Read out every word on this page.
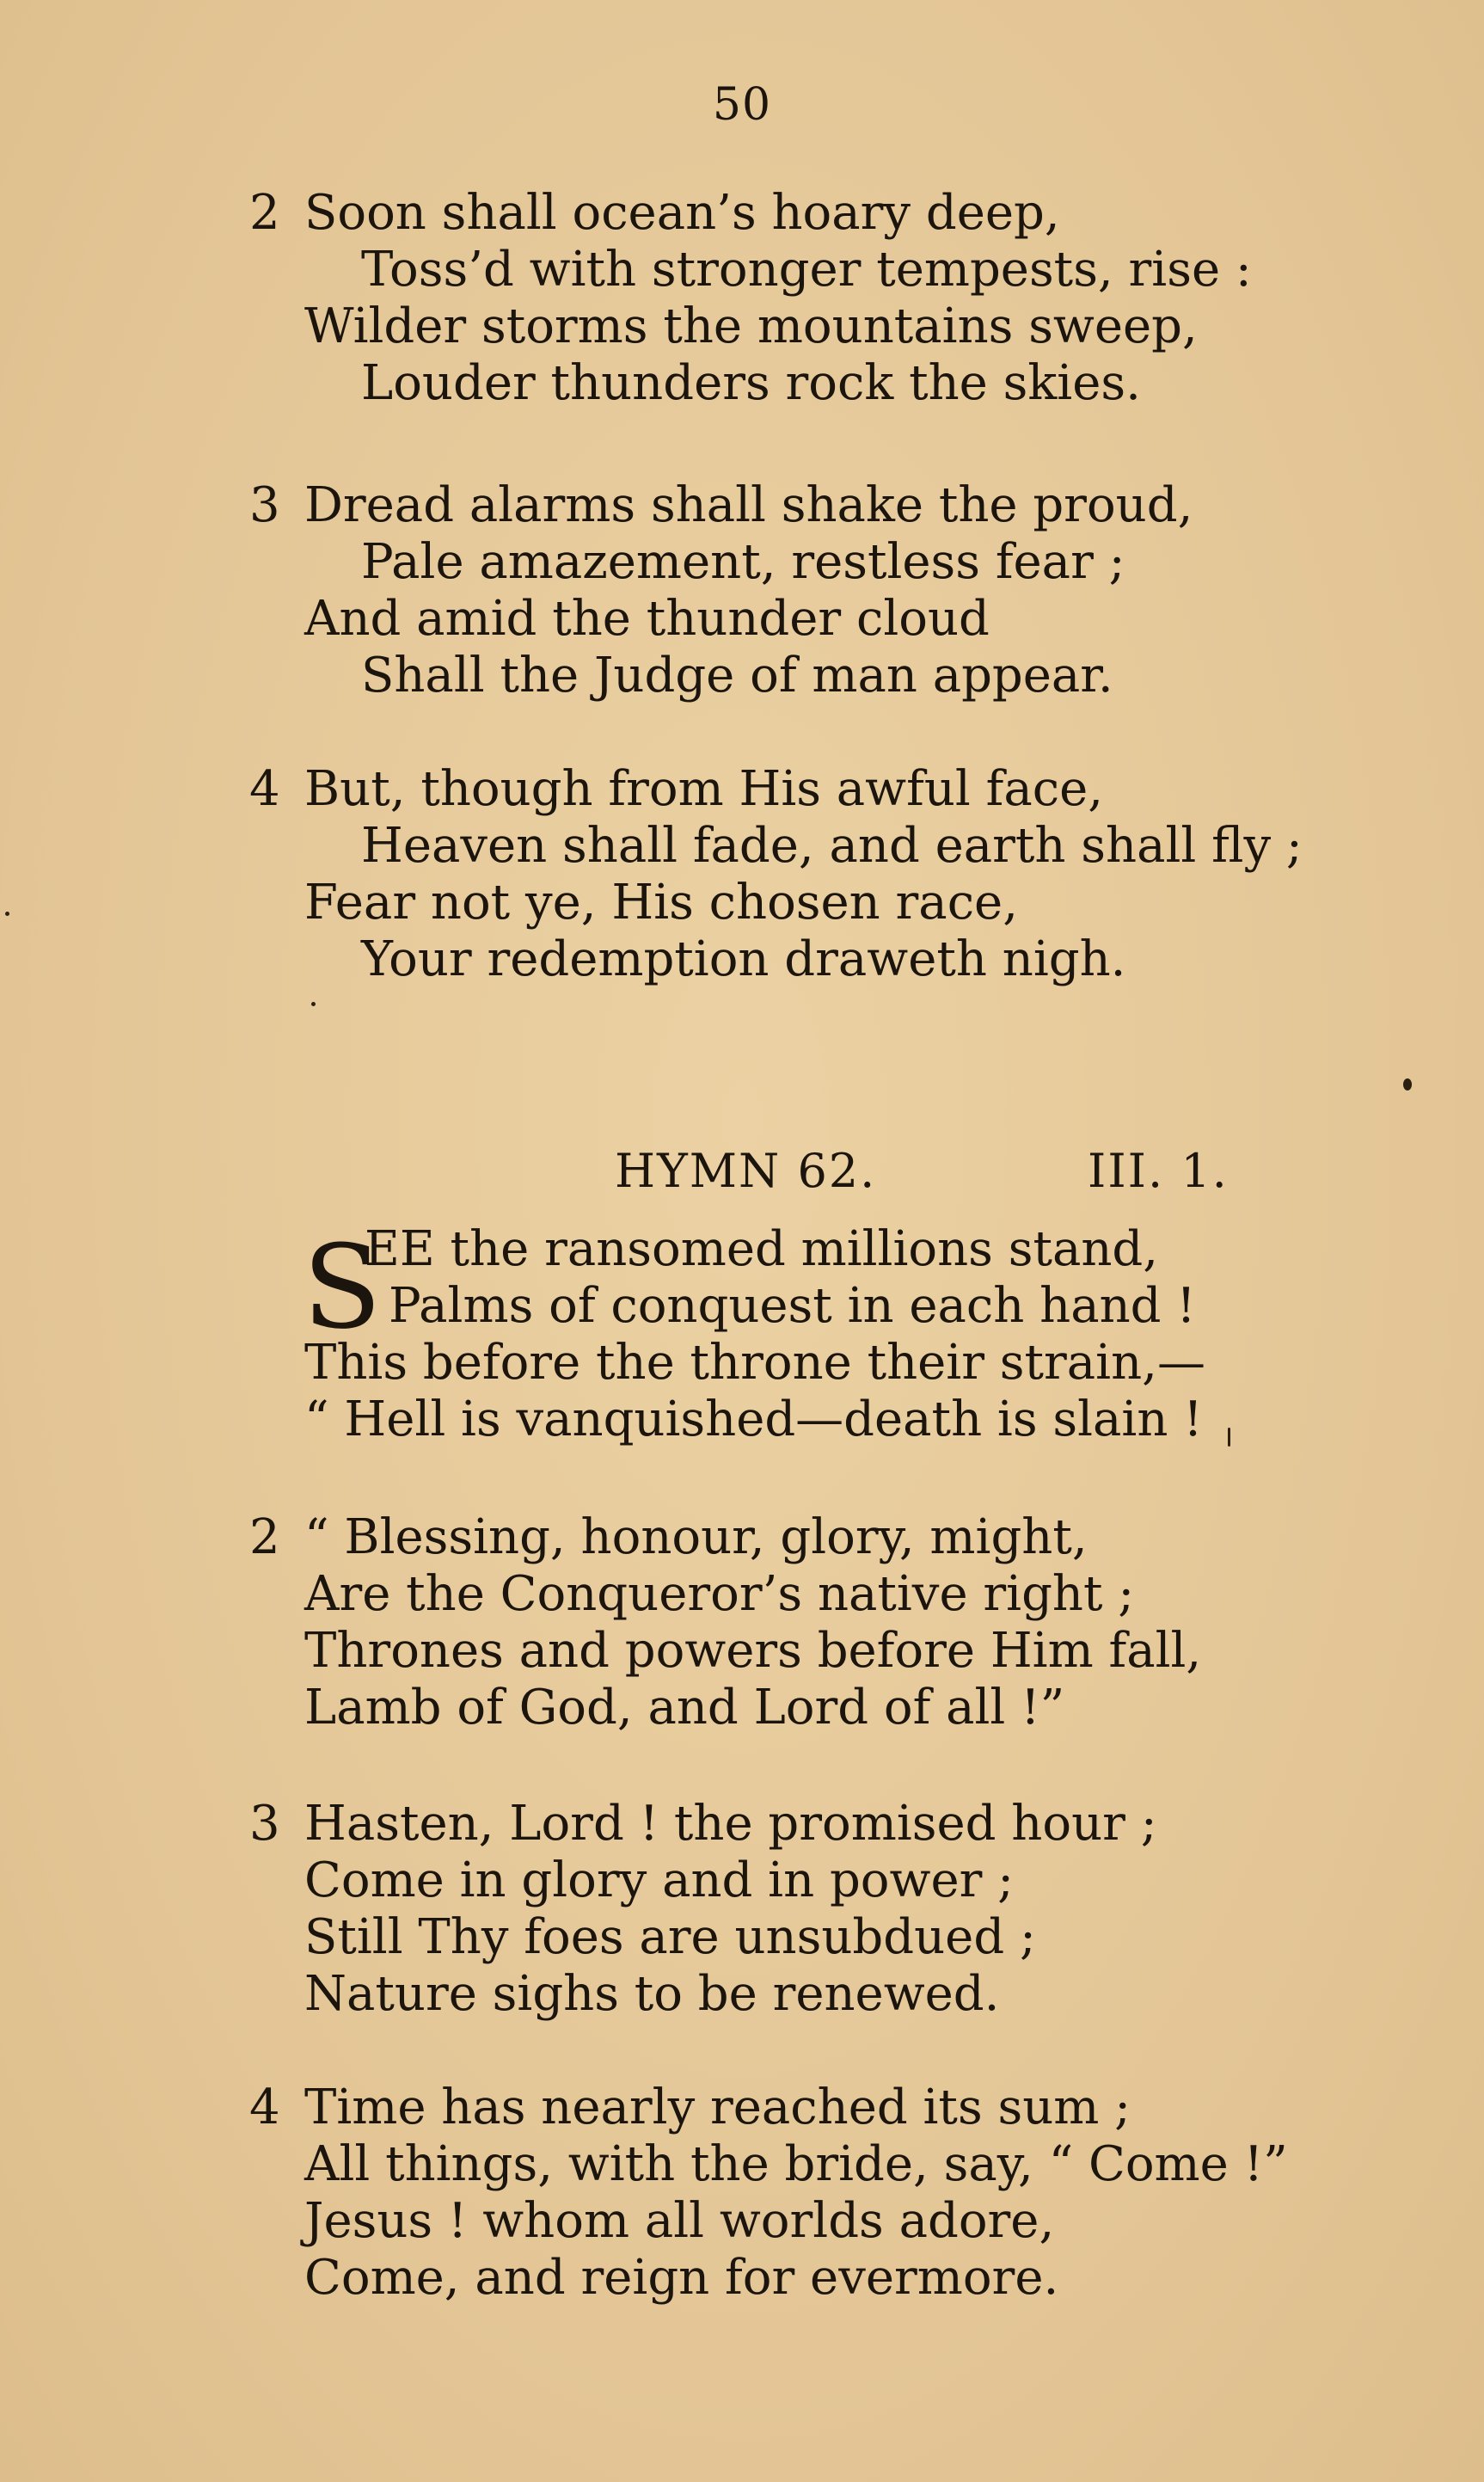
50
2 Soon shall ocean’s hoary deep,
Toss’d with stronger tempests, rise :
Wilder storms the mountains sweep,
Louder thunders rock the skies.
3 Dread alarms shall shake the proud,
Pale amazement, restless fear ;
And amid the thunder cloud
Shall the Judge of man appear.
4 But, though from His awful face,
Heaven shall fade, and earth shall fly ;
Fear not ye, His chosen race,
Your redemption draweth nigh.
HYMN 62.	III. 1.
S
EE the ransomed millions stand,
Palms of conquest in each hand !
This before the throne their strain,—
“ Hell is vanquished—death is slain !
2 “ Blessing, honour, glory, might,
Are the Conqueror’s native right ;
Thrones and powers before Him fall,
Lamb of God, and Lord of all !”
3 Hasten, Lord ! the promised hour ;
Come in glory and in power ;
Still Thy foes are unsubdued ;
Nature sighs to be renewed.
4 Time has nearly reached its sum ;
All things, with the bride, say, “ Come !”
Jesus ! whom all worlds adore,
Come, and reign for evermore.
